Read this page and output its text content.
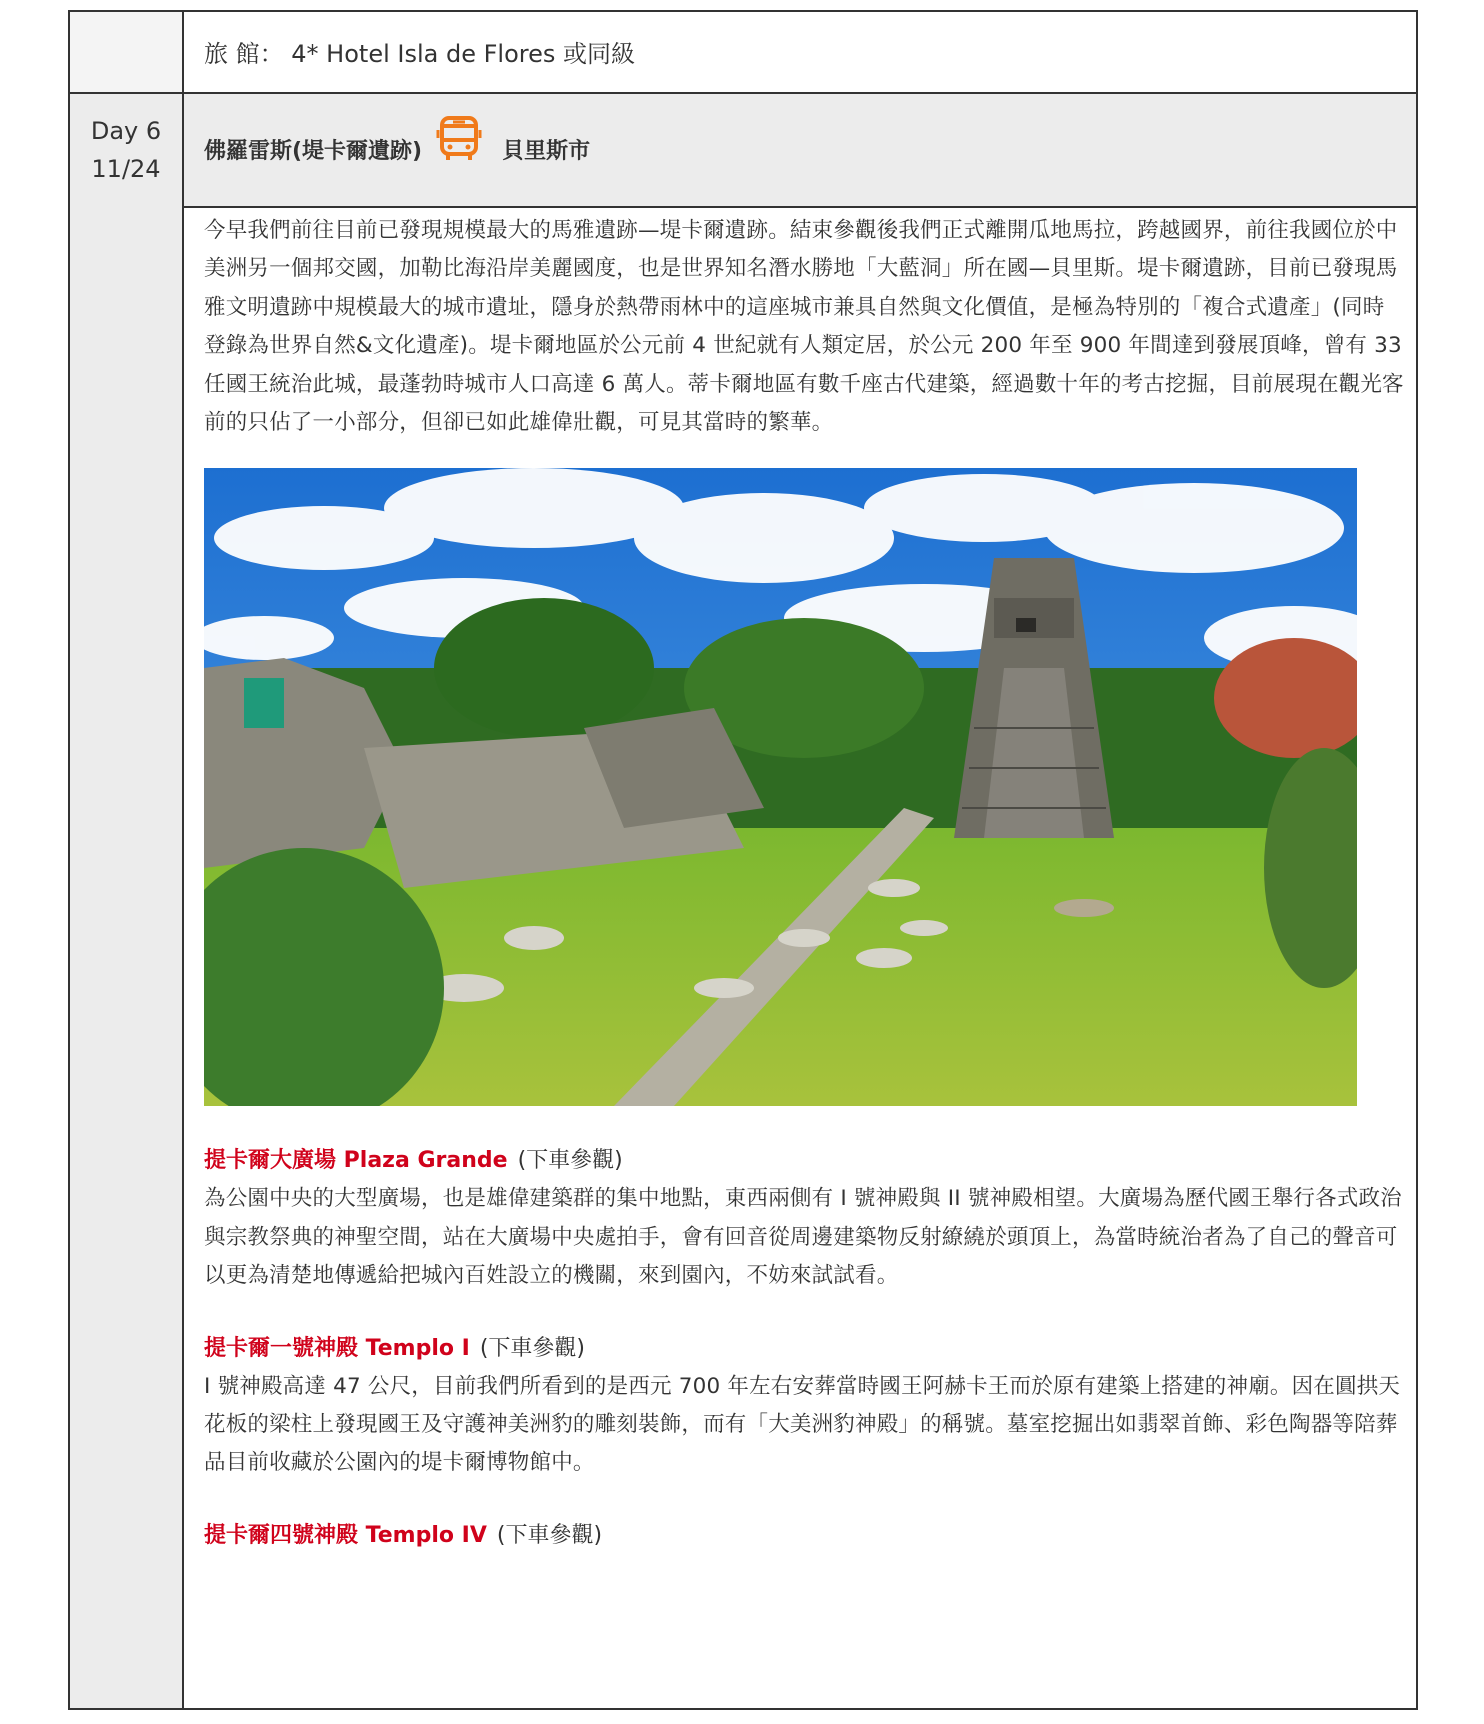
Day 6
11/24
旅 館： 4* Hotel Isla de Flores 或同級
佛羅雷斯(堤卡爾遺跡)	貝里斯市

今早我們前往目前已發現規模最大的馬雅遺跡—堤卡爾遺跡。結束參觀後我們正式離開瓜地馬拉，跨越國界，前往我國位於中美洲另一個邦交國，加勒比海沿岸美麗國度，也是世界知名潛水勝地「大藍洞」所在國—貝里斯。堤卡爾遺跡，目前已發現馬雅文明遺跡中規模最大的城市遺址，隱身於熱帶雨林中的這座城市兼具自然與文化價值，是極為特別的「複合式遺產」(同時登錄為世界自然&文化遺產)。堤卡爾地區於公元前 4 世紀就有人類定居，於公元 200 年至 900 年間達到發展頂峰，曾有 33 任國王統治此城，最蓬勃時城市人口高達 6 萬人。蒂卡爾地區有數千座古代建築，經過數十年的考古挖掘，目前展現在觀光客前的只佔了一小部分，但卻已如此雄偉壯觀，可見其當時的繁華。

提卡爾大廣場 Plaza Grande (下車參觀)

為公園中央的大型廣場，也是雄偉建築群的集中地點，東西兩側有 I 號神殿與 II 號神殿相望。大廣場為歷代國王舉行各式政治與宗教祭典的神聖空間，站在大廣場中央處拍手，會有回音從周邊建築物反射繚繞於頭頂上，為當時統治者為了自己的聲音可以更為清楚地傳遞給把城內百姓設立的機關，來到園內，不妨來試試看。

提卡爾一號神殿 Templo I (下車參觀)

I 號神殿高達 47 公尺，目前我們所看到的是西元 700 年左右安葬當時國王阿赫卡王而於原有建築上搭建的神廟。因在圓拱天花板的梁柱上發現國王及守護神美洲豹的雕刻裝飾，而有「大美洲豹神殿」的稱號。墓室挖掘出如翡翠首飾、彩色陶器等陪葬品目前收藏於公園內的堤卡爾博物館中。

提卡爾四號神殿 Templo IV (下車參觀)
